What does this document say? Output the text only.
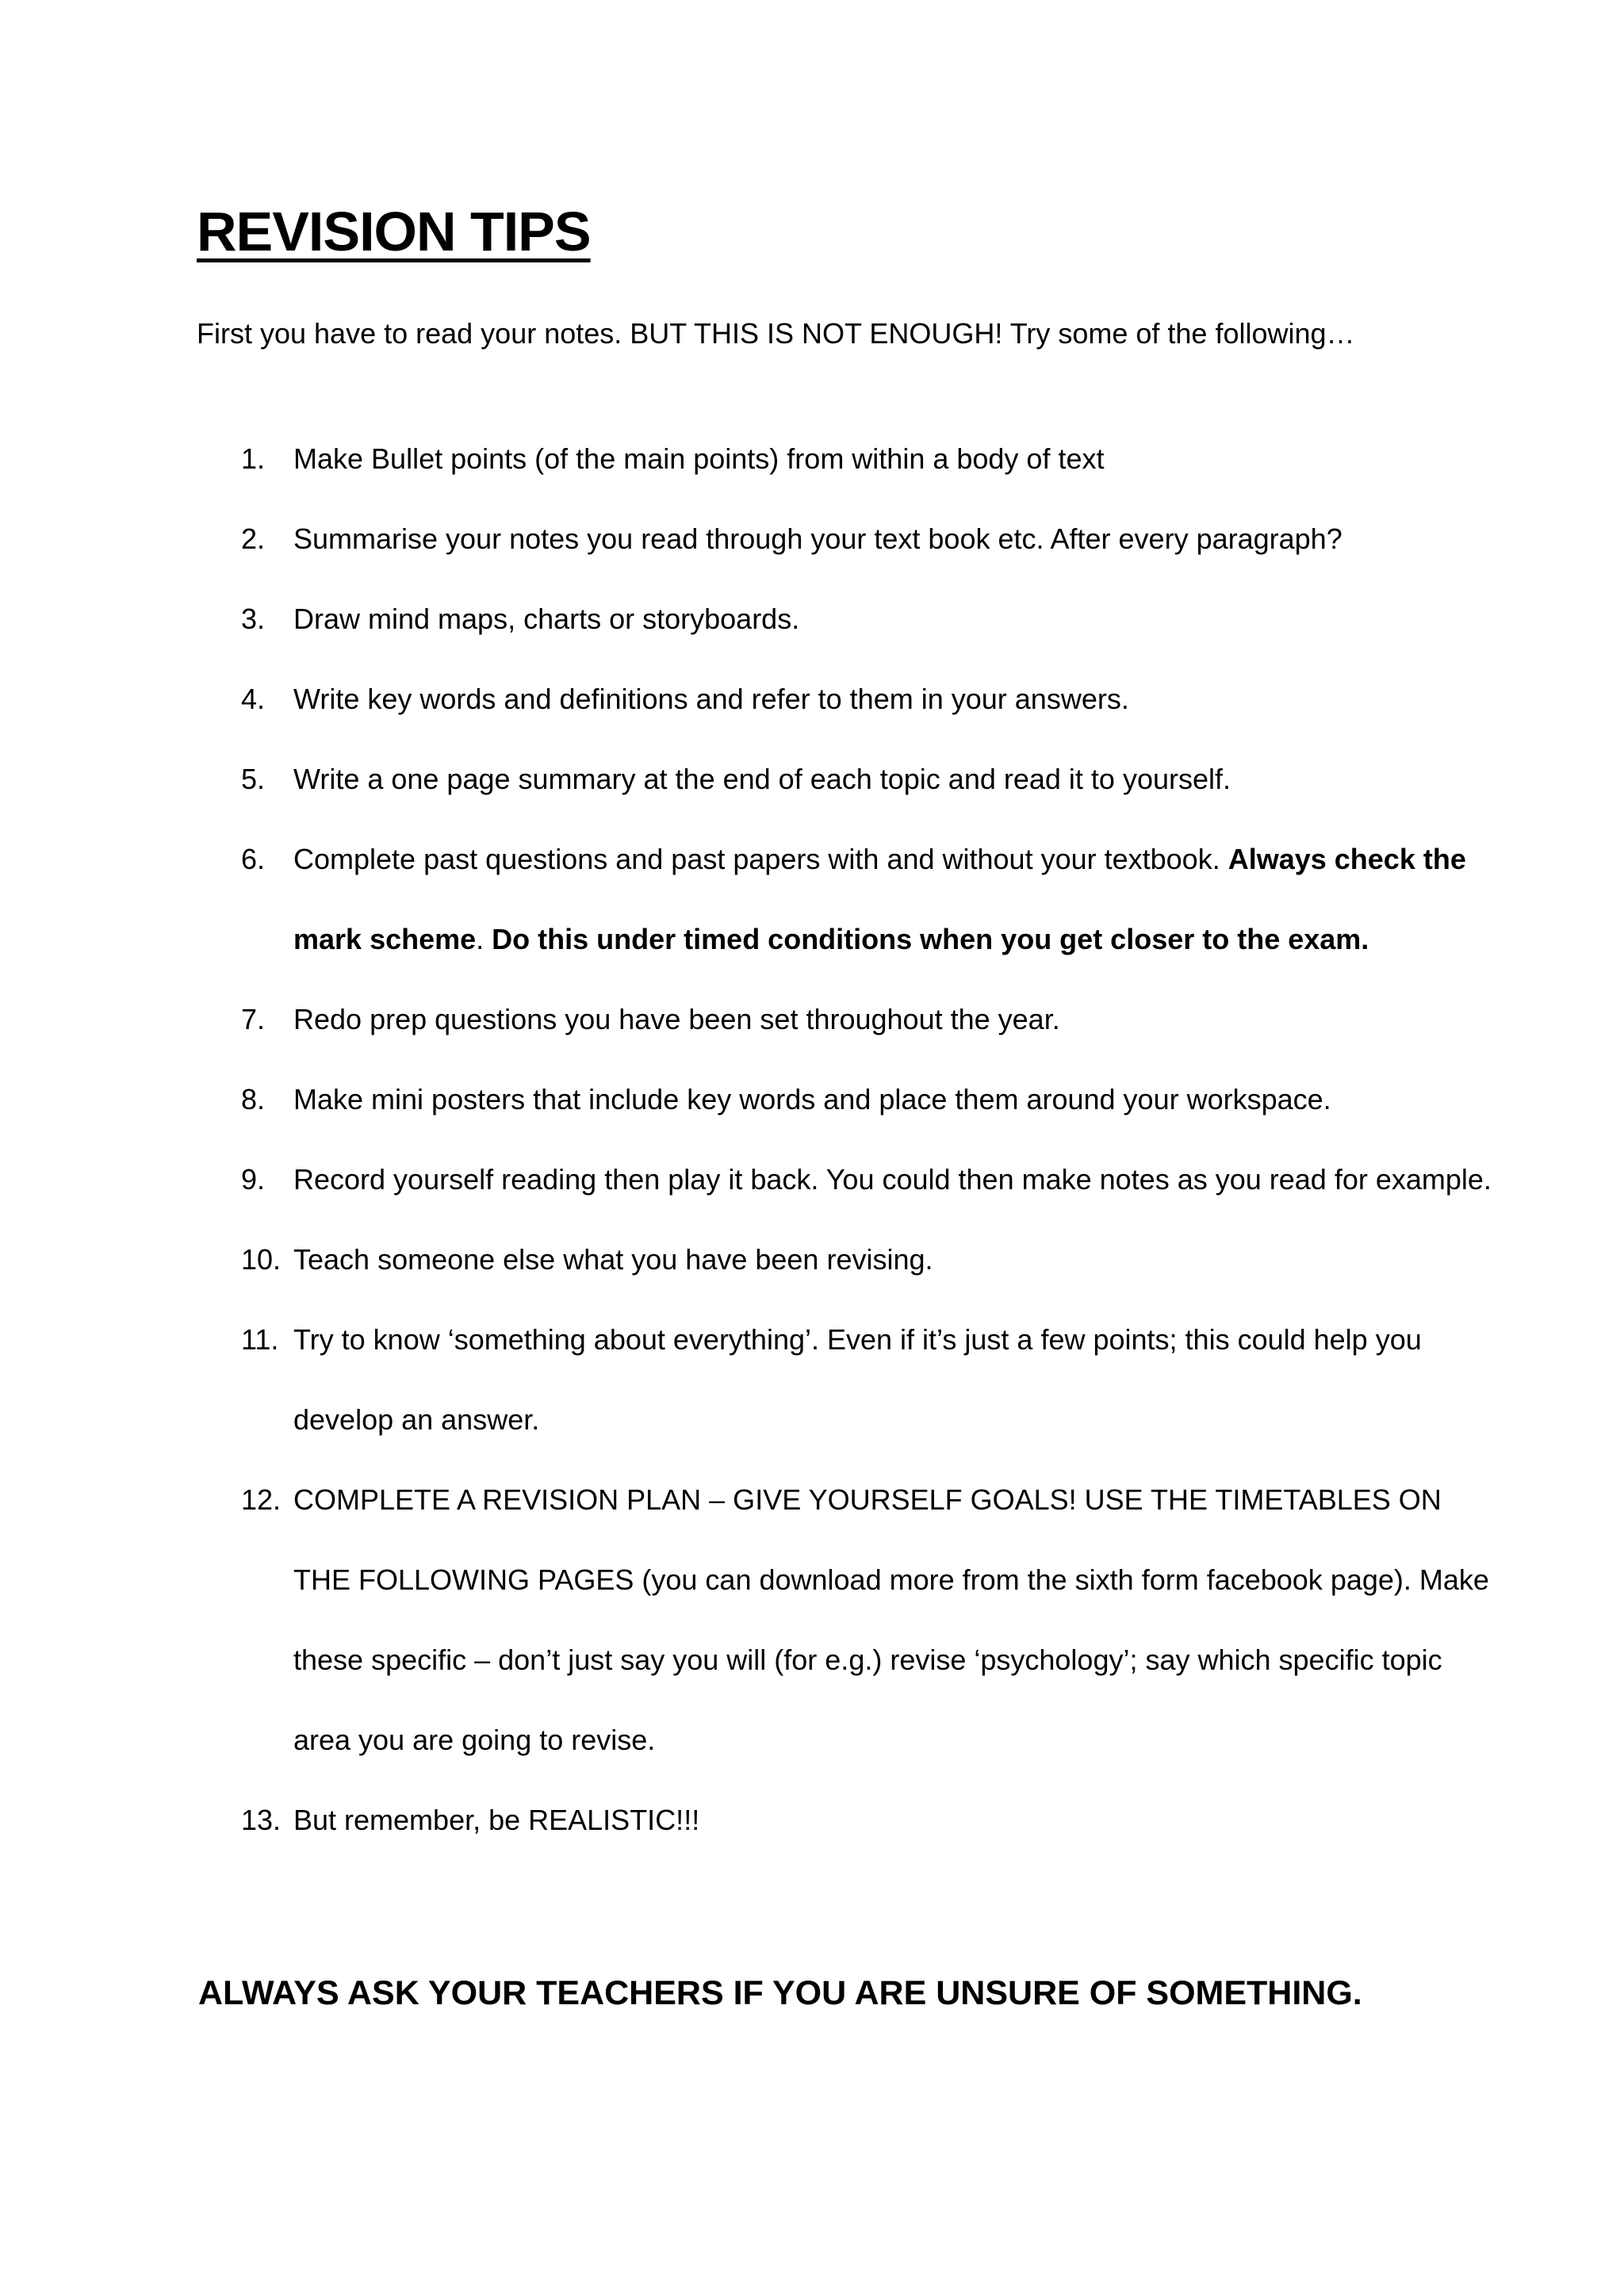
REVISION TIPS

First you have to read your notes. BUT THIS IS NOT ENOUGH! Try some of the following…

1. Make Bullet points (of the main points) from within a body of text
2. Summarise your notes you read through your text book etc. After every paragraph?
3. Draw mind maps, charts or storyboards.
4. Write key words and definitions and refer to them in your answers.
5. Write a one page summary at the end of each topic and read it to yourself.
6. Complete past questions and past papers with and without your textbook. Always check the mark scheme. Do this under timed conditions when you get closer to the exam.
7. Redo prep questions you have been set throughout the year.
8. Make mini posters that include key words and place them around your workspace.
9. Record yourself reading then play it back. You could then make notes as you read for example.
10. Teach someone else what you have been revising.
11. Try to know ‘something about everything’. Even if it’s just a few points; this could help you develop an answer.
12. COMPLETE A REVISION PLAN – GIVE YOURSELF GOALS! USE THE TIMETABLES ON THE FOLLOWING PAGES (you can download more from the sixth form facebook page). Make these specific – don’t just say you will (for e.g.) revise ‘psychology’; say which specific topic area you are going to revise.
13. But remember, be REALISTIC!!!

ALWAYS ASK YOUR TEACHERS IF YOU ARE UNSURE OF SOMETHING.
